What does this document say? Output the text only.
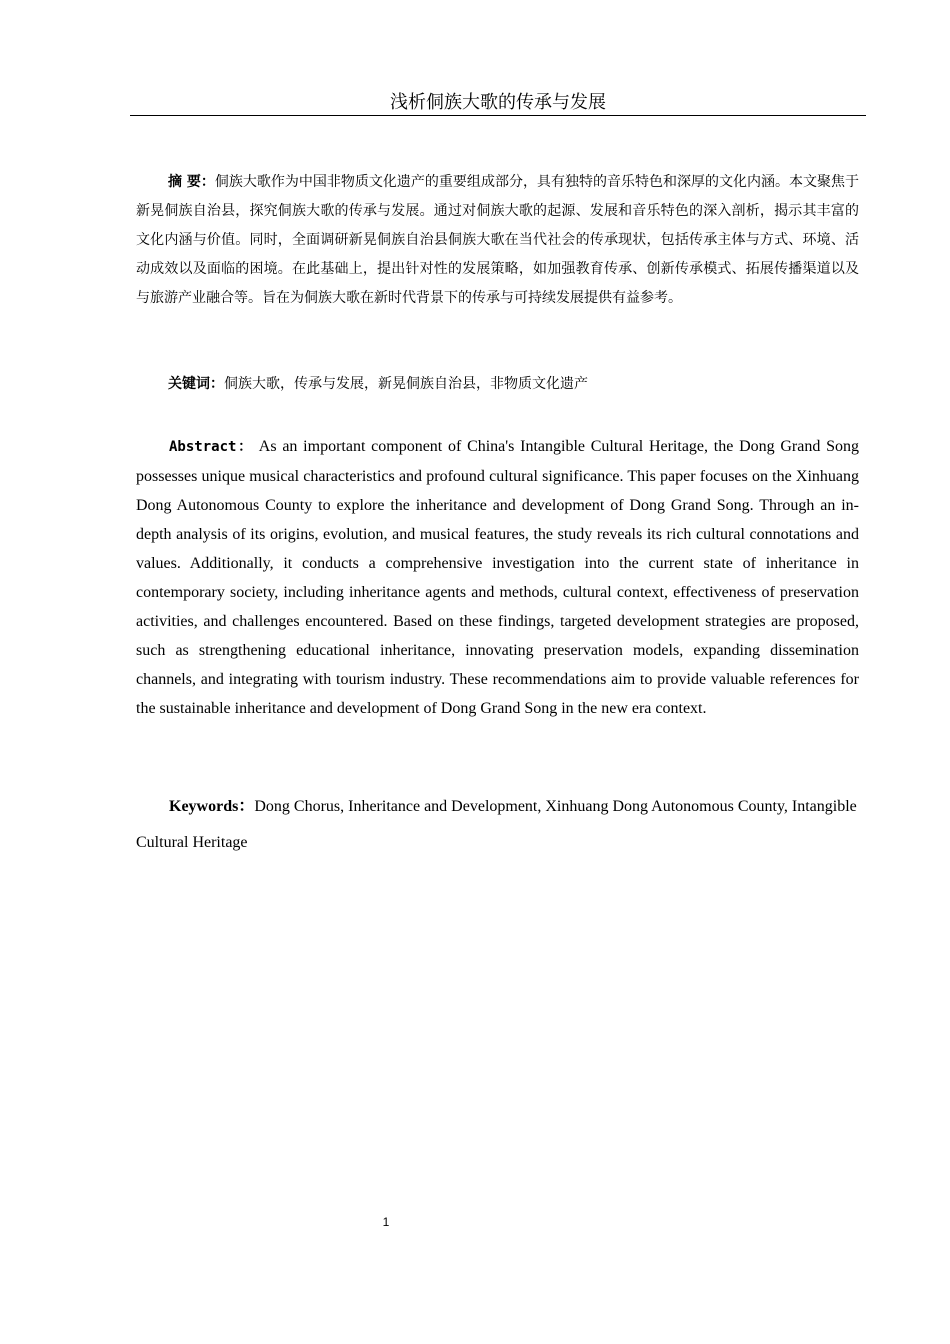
浅析侗族大歌的传承与发展

摘 要：侗族大歌作为中国非物质文化遗产的重要组成部分，具有独特的音乐特色和深厚的文化内涵。本文聚焦于新晃侗族自治县，探究侗族大歌的传承与发展。通过对侗族大歌的起源、发展和音乐特色的深入剖析，揭示其丰富的文化内涵与价值。同时，全面调研新晃侗族自治县侗族大歌在当代社会的传承现状，包括传承主体与方式、环境、活动成效以及面临的困境。在此基础上，提出针对性的发展策略，如加强教育传承、创新传承模式、拓展传播渠道以及与旅游产业融合等。旨在为侗族大歌在新时代背景下的传承与可持续发展提供有益参考。

关键词：侗族大歌，传承与发展，新晃侗族自治县，非物质文化遗产

Abstract： As an important component of China's Intangible Cultural Heritage, the Dong Grand Song possesses unique musical characteristics and profound cultural significance. This paper focuses on the Xinhuang Dong Autonomous County to explore the inheritance and development of Dong Grand Song. Through an in-depth analysis of its origins, evolution, and musical features, the study reveals its rich cultural connotations and values. Additionally, it conducts a comprehensive investigation into the current state of inheritance in contemporary society, including inheritance agents and methods, cultural context, effectiveness of preservation activities, and challenges encountered. Based on these findings, targeted development strategies are proposed, such as strengthening educational inheritance, innovating preservation models, expanding dissemination channels, and integrating with tourism industry. These recommendations aim to provide valuable references for the sustainable inheritance and development of Dong Grand Song in the new era context.

Keywords：Dong Chorus, Inheritance and Development, Xinhuang Dong Autonomous County, Intangible Cultural Heritage

1
